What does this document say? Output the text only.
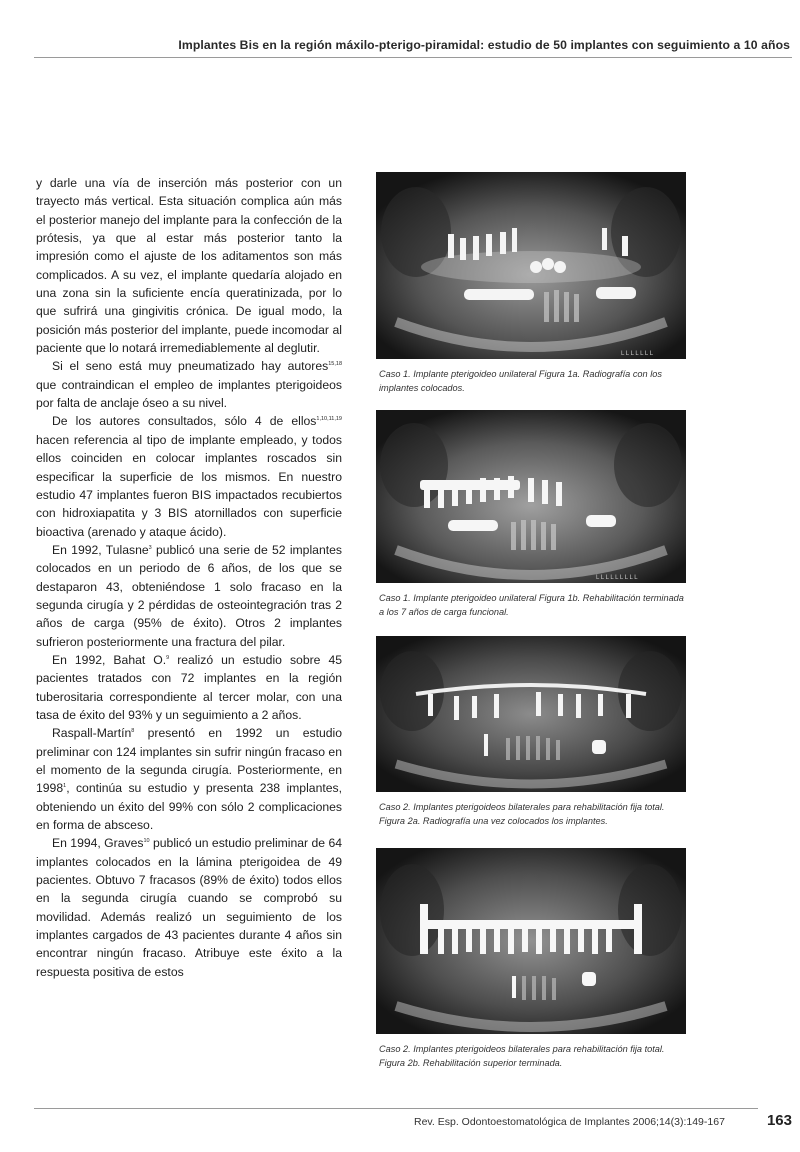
Implantes Bis en la región máxilo-pterigo-piramidal: estudio de 50 implantes con seguimiento a 10 años

y darle una vía de inserción más posterior con un trayecto más vertical. Esta situación complica aún más el posterior manejo del implante para la confección de la prótesis, ya que al estar más posterior tanto la impresión como el ajuste de los aditamentos son más complicados. A su vez, el implante quedaría alojado en una zona sin la suficiente encía queratinizada, por lo que sufrirá una gingivitis crónica. De igual modo, la posición más posterior del implante, puede incomodar al paciente que lo notará irremediablemente al deglutir.

Si el seno está muy pneumatizado hay autores$^{15,18}$ que contraindican el empleo de implantes pterigoideos por falta de anclaje óseo a su nivel.

De los autores consultados, sólo 4 de ellos$^{1,10,11,19}$ hacen referencia al tipo de implante empleado, y todos ellos coinciden en colocar implantes roscados sin especificar la superficie de los mismos. En nuestro estudio 47 implantes fueron BIS impactados recubiertos con hidroxiapatita y 3 BIS atornillados con superficie bioactiva (arenado y ataque ácido).

En 1992, Tulasne$^3$ publicó una serie de 52 implantes colocados en un periodo de 6 años, de los que se destaparon 43, obteniéndose 1 solo fracaso en la segunda cirugía y 2 pérdidas de osteointegración tras 2 años de carga (95% de éxito). Otros 2 implantes sufrieron posteriormente una fractura del pilar.

En 1992, Bahat O.$^9$ realizó un estudio sobre 45 pacientes tratados con 72 implantes en la región tuberositaria correspondiente al tercer molar, con una tasa de éxito del 93% y un seguimiento a 2 años.

Raspall-Martín$^8$ presentó en 1992 un estudio preliminar con 124 implantes sin sufrir ningún fracaso en el momento de la segunda cirugía. Posteriormente, en 1998$^1$, continúa su estudio y presenta 238 implantes, obteniendo un éxito del 99% con sólo 2 complicaciones en forma de absceso.

En 1994, Graves$^{10}$ publicó un estudio preliminar de 64 implantes colocados en la lámina pterigoidea de 49 pacientes. Obtuvo 7 fracasos (89% de éxito) todos ellos en la segunda cirugía cuando se comprobó su movilidad. Además realizó un seguimiento de los implantes cargados de 43 pacientes durante 4 años sin encontrar ningún fracaso. Atribuye este éxito a la respuesta positiva de estos

L L L L L L L
Caso 1. Implante pterigoideo unilateral Figura 1a. Radiografía con los implantes colocados.
L L L L L L L L L
Caso 1. Implante pterigoideo unilateral Figura 1b. Rehabilitación terminada a los 7 años de carga funcional.
Caso 2. Implantes pterigoideos bilaterales para rehabilitación fija total. Figura 2a. Radiografía una vez colocados los implantes.
Caso 2. Implantes pterigoideos bilaterales para rehabilitación fija total. Figura 2b. Rehabilitación superior terminada.
Rev. Esp. Odontoestomatológica de Implantes 2006;14(3):149-167	163
